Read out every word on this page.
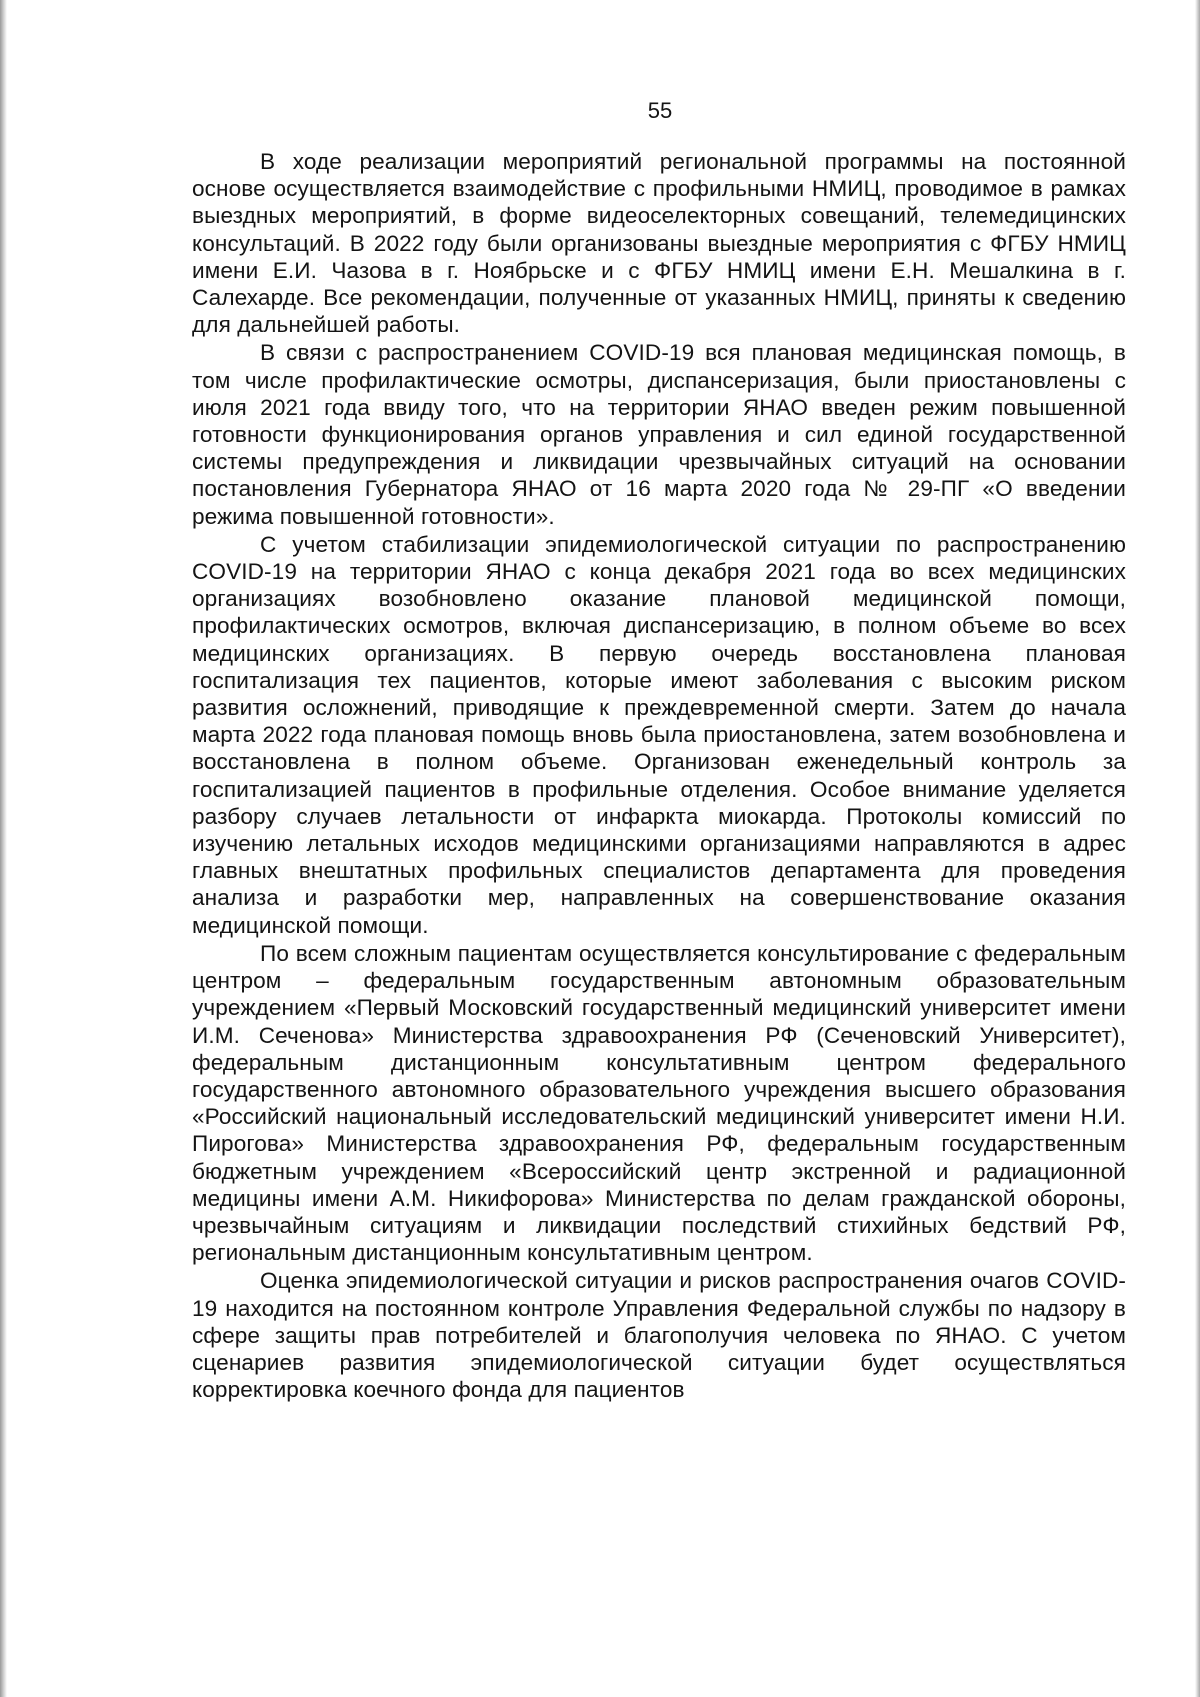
55

В ходе реализации мероприятий региональной программы на постоянной основе осуществляется взаимодействие с профильными НМИЦ, проводимое в рамках выездных мероприятий, в форме видеоселекторных совещаний, телемедицинских консультаций. В 2022 году были организованы выездные мероприятия с ФГБУ НМИЦ имени Е.И. Чазова в г. Ноябрьске и с ФГБУ НМИЦ имени Е.Н. Мешалкина в г. Салехарде. Все рекомендации, полученные от указанных НМИЦ, приняты к сведению для дальнейшей работы.

В связи с распространением COVID-19 вся плановая медицинская помощь, в том числе профилактические осмотры, диспансеризация, были приостановлены с июля 2021 года ввиду того, что на территории ЯНАО введен режим повышенной готовности функционирования органов управления и сил единой государственной системы предупреждения и ликвидации чрезвычайных ситуаций на основании постановления Губернатора ЯНАО от 16 марта 2020 года № 29-ПГ «О введении режима повышенной готовности».

С учетом стабилизации эпидемиологической ситуации по распространению COVID-19 на территории ЯНАО с конца декабря 2021 года во всех медицинских организациях возобновлено оказание плановой медицинской помощи, профилактических осмотров, включая диспансеризацию, в полном объеме во всех медицинских организациях. В первую очередь восстановлена плановая госпитализация тех пациентов, которые имеют заболевания с высоким риском развития осложнений, приводящие к преждевременной смерти. Затем до начала марта 2022 года плановая помощь вновь была приостановлена, затем возобновлена и восстановлена в полном объеме. Организован еженедельный контроль за госпитализацией пациентов в профильные отделения. Особое внимание уделяется разбору случаев летальности от инфаркта миокарда. Протоколы комиссий по изучению летальных исходов медицинскими организациями направляются в адрес главных внештатных профильных специалистов департамента для проведения анализа и разработки мер, направленных на совершенствование оказания медицинской помощи.

По всем сложным пациентам осуществляется консультирование с федеральным центром – федеральным государственным автономным образовательным учреждением «Первый Московский государственный медицинский университет имени И.М. Сеченова» Министерства здравоохранения РФ (Сеченовский Университет), федеральным дистанционным консультативным центром федерального государственного автономного образовательного учреждения высшего образования «Российский национальный исследовательский медицинский университет имени Н.И. Пирогова» Министерства здравоохранения РФ, федеральным государственным бюджетным учреждением «Всероссийский центр экстренной и радиационной медицины имени А.М. Никифорова» Министерства по делам гражданской обороны, чрезвычайным ситуациям и ликвидации последствий стихийных бедствий РФ, региональным дистанционным консультативным центром.

Оценка эпидемиологической ситуации и рисков распространения очагов COVID-19 находится на постоянном контроле Управления Федеральной службы по надзору в сфере защиты прав потребителей и благополучия человека по ЯНАО. С учетом сценариев развития эпидемиологической ситуации будет осуществляться корректировка коечного фонда для пациентов
